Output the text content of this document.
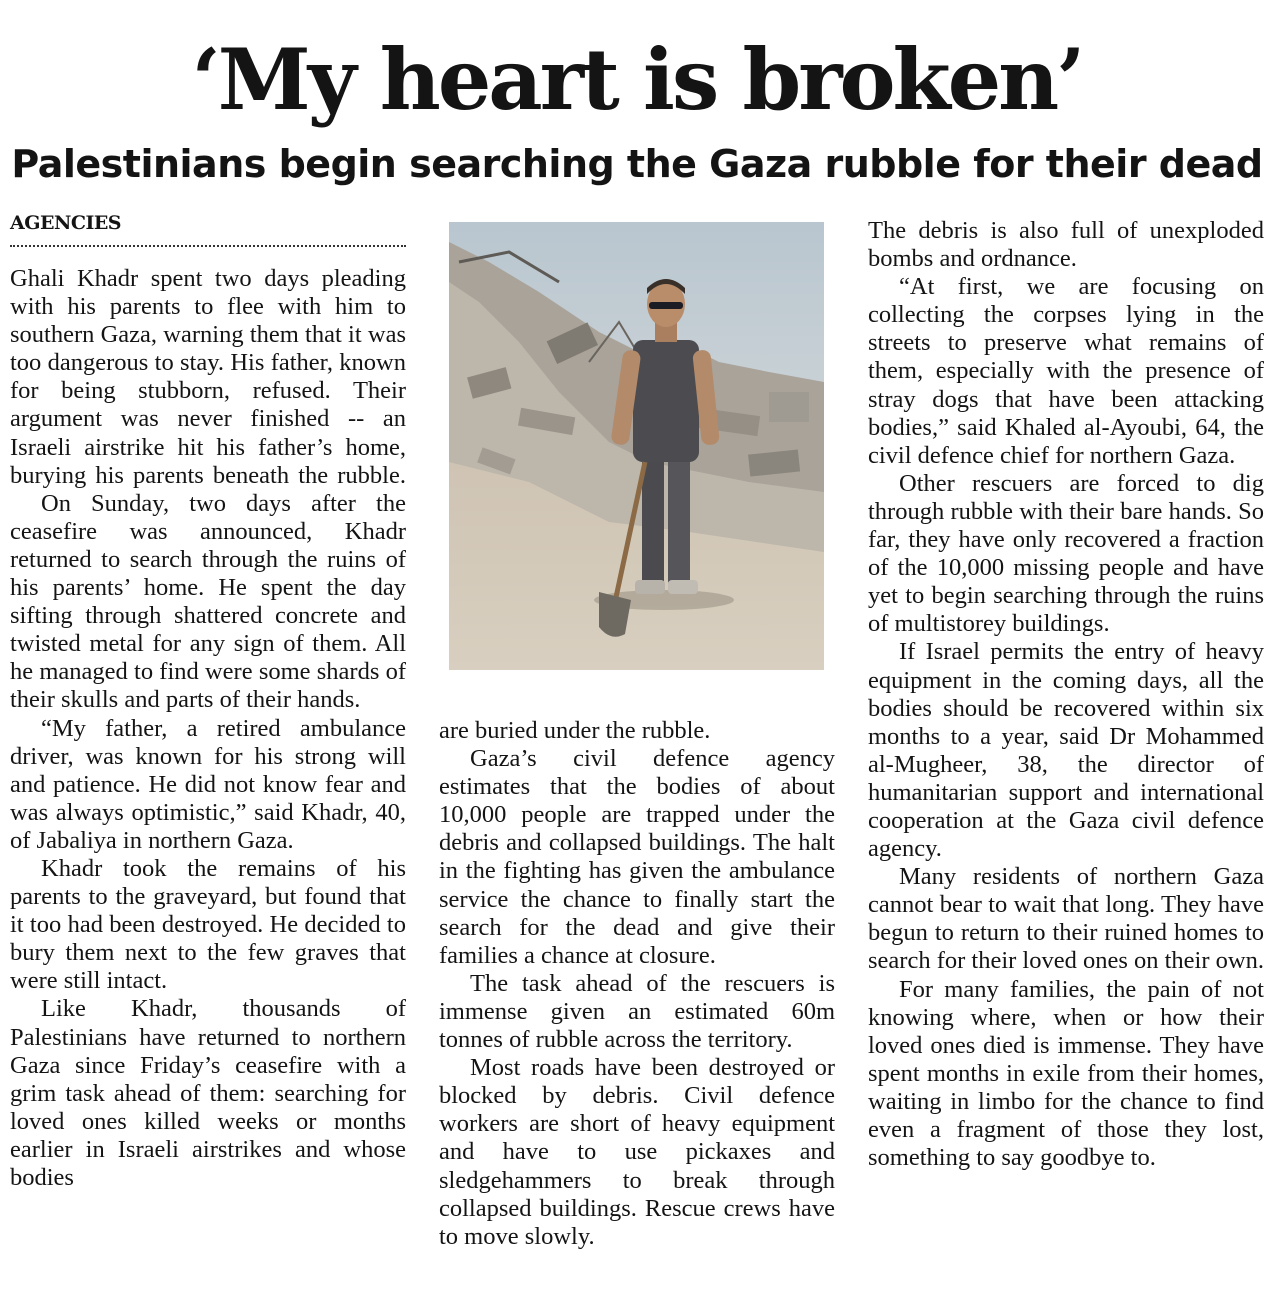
‘My heart is broken’
Palestinians begin searching the Gaza rubble for their dead
AGENCIES

Ghali Khadr spent two days pleading with his parents to flee with him to southern Gaza, warning them that it was too dangerous to stay. His father, known for being stubborn, refused. Their argument was never finished -- an Israeli airstrike hit his father’s home, burying his parents beneath the rubble.

On Sunday, two days after the ceasefire was announced, Khadr returned to search through the ruins of his parents’ home. He spent the day sifting through shattered concrete and twisted metal for any sign of them. All he managed to find were some shards of their skulls and parts of their hands.

“My father, a retired ambulance driver, was known for his strong will and patience. He did not know fear and was always optimistic,” said Khadr, 40, of Jabaliya in northern Gaza.

Khadr took the remains of his parents to the graveyard, but found that it too had been destroyed. He decided to bury them next to the few graves that were still intact.

Like Khadr, thousands of Palestinians have returned to northern Gaza since Friday’s ceasefire with a grim task ahead of them: searching for loved ones killed weeks or months earlier in Israeli airstrikes and whose bodies

are buried under the rubble.

Gaza’s civil defence agency estimates that the bodies of about 10,000 people are trapped under the debris and collapsed buildings. The halt in the fighting has given the ambulance service the chance to finally start the search for the dead and give their families a chance at closure.

The task ahead of the rescuers is immense given an estimated 60m tonnes of rubble across the territory.

Most roads have been destroyed or blocked by debris. Civil defence workers are short of heavy equipment and have to use pickaxes and sledgehammers to break through collapsed buildings. Rescue crews have to move slowly.

The debris is also full of unexploded bombs and ordnance.

“At first, we are focusing on collecting the corpses lying in the streets to preserve what remains of them, especially with the presence of stray dogs that have been attacking bodies,” said Khaled al-Ayoubi, 64, the civil defence chief for northern Gaza.

Other rescuers are forced to dig through rubble with their bare hands. So far, they have only recovered a fraction of the 10,000 missing people and have yet to begin searching through the ruins of multistorey buildings.

If Israel permits the entry of heavy equipment in the coming days, all the bodies should be recovered within six months to a year, said Dr Mohammed al-Mugheer, 38, the director of humanitarian support and international cooperation at the Gaza civil defence agency.

Many residents of northern Gaza cannot bear to wait that long. They have begun to return to their ruined homes to search for their loved ones on their own.

For many families, the pain of not knowing where, when or how their loved ones died is immense. They have spent months in exile from their homes, waiting in limbo for the chance to find even a fragment of those they lost, something to say goodbye to.
